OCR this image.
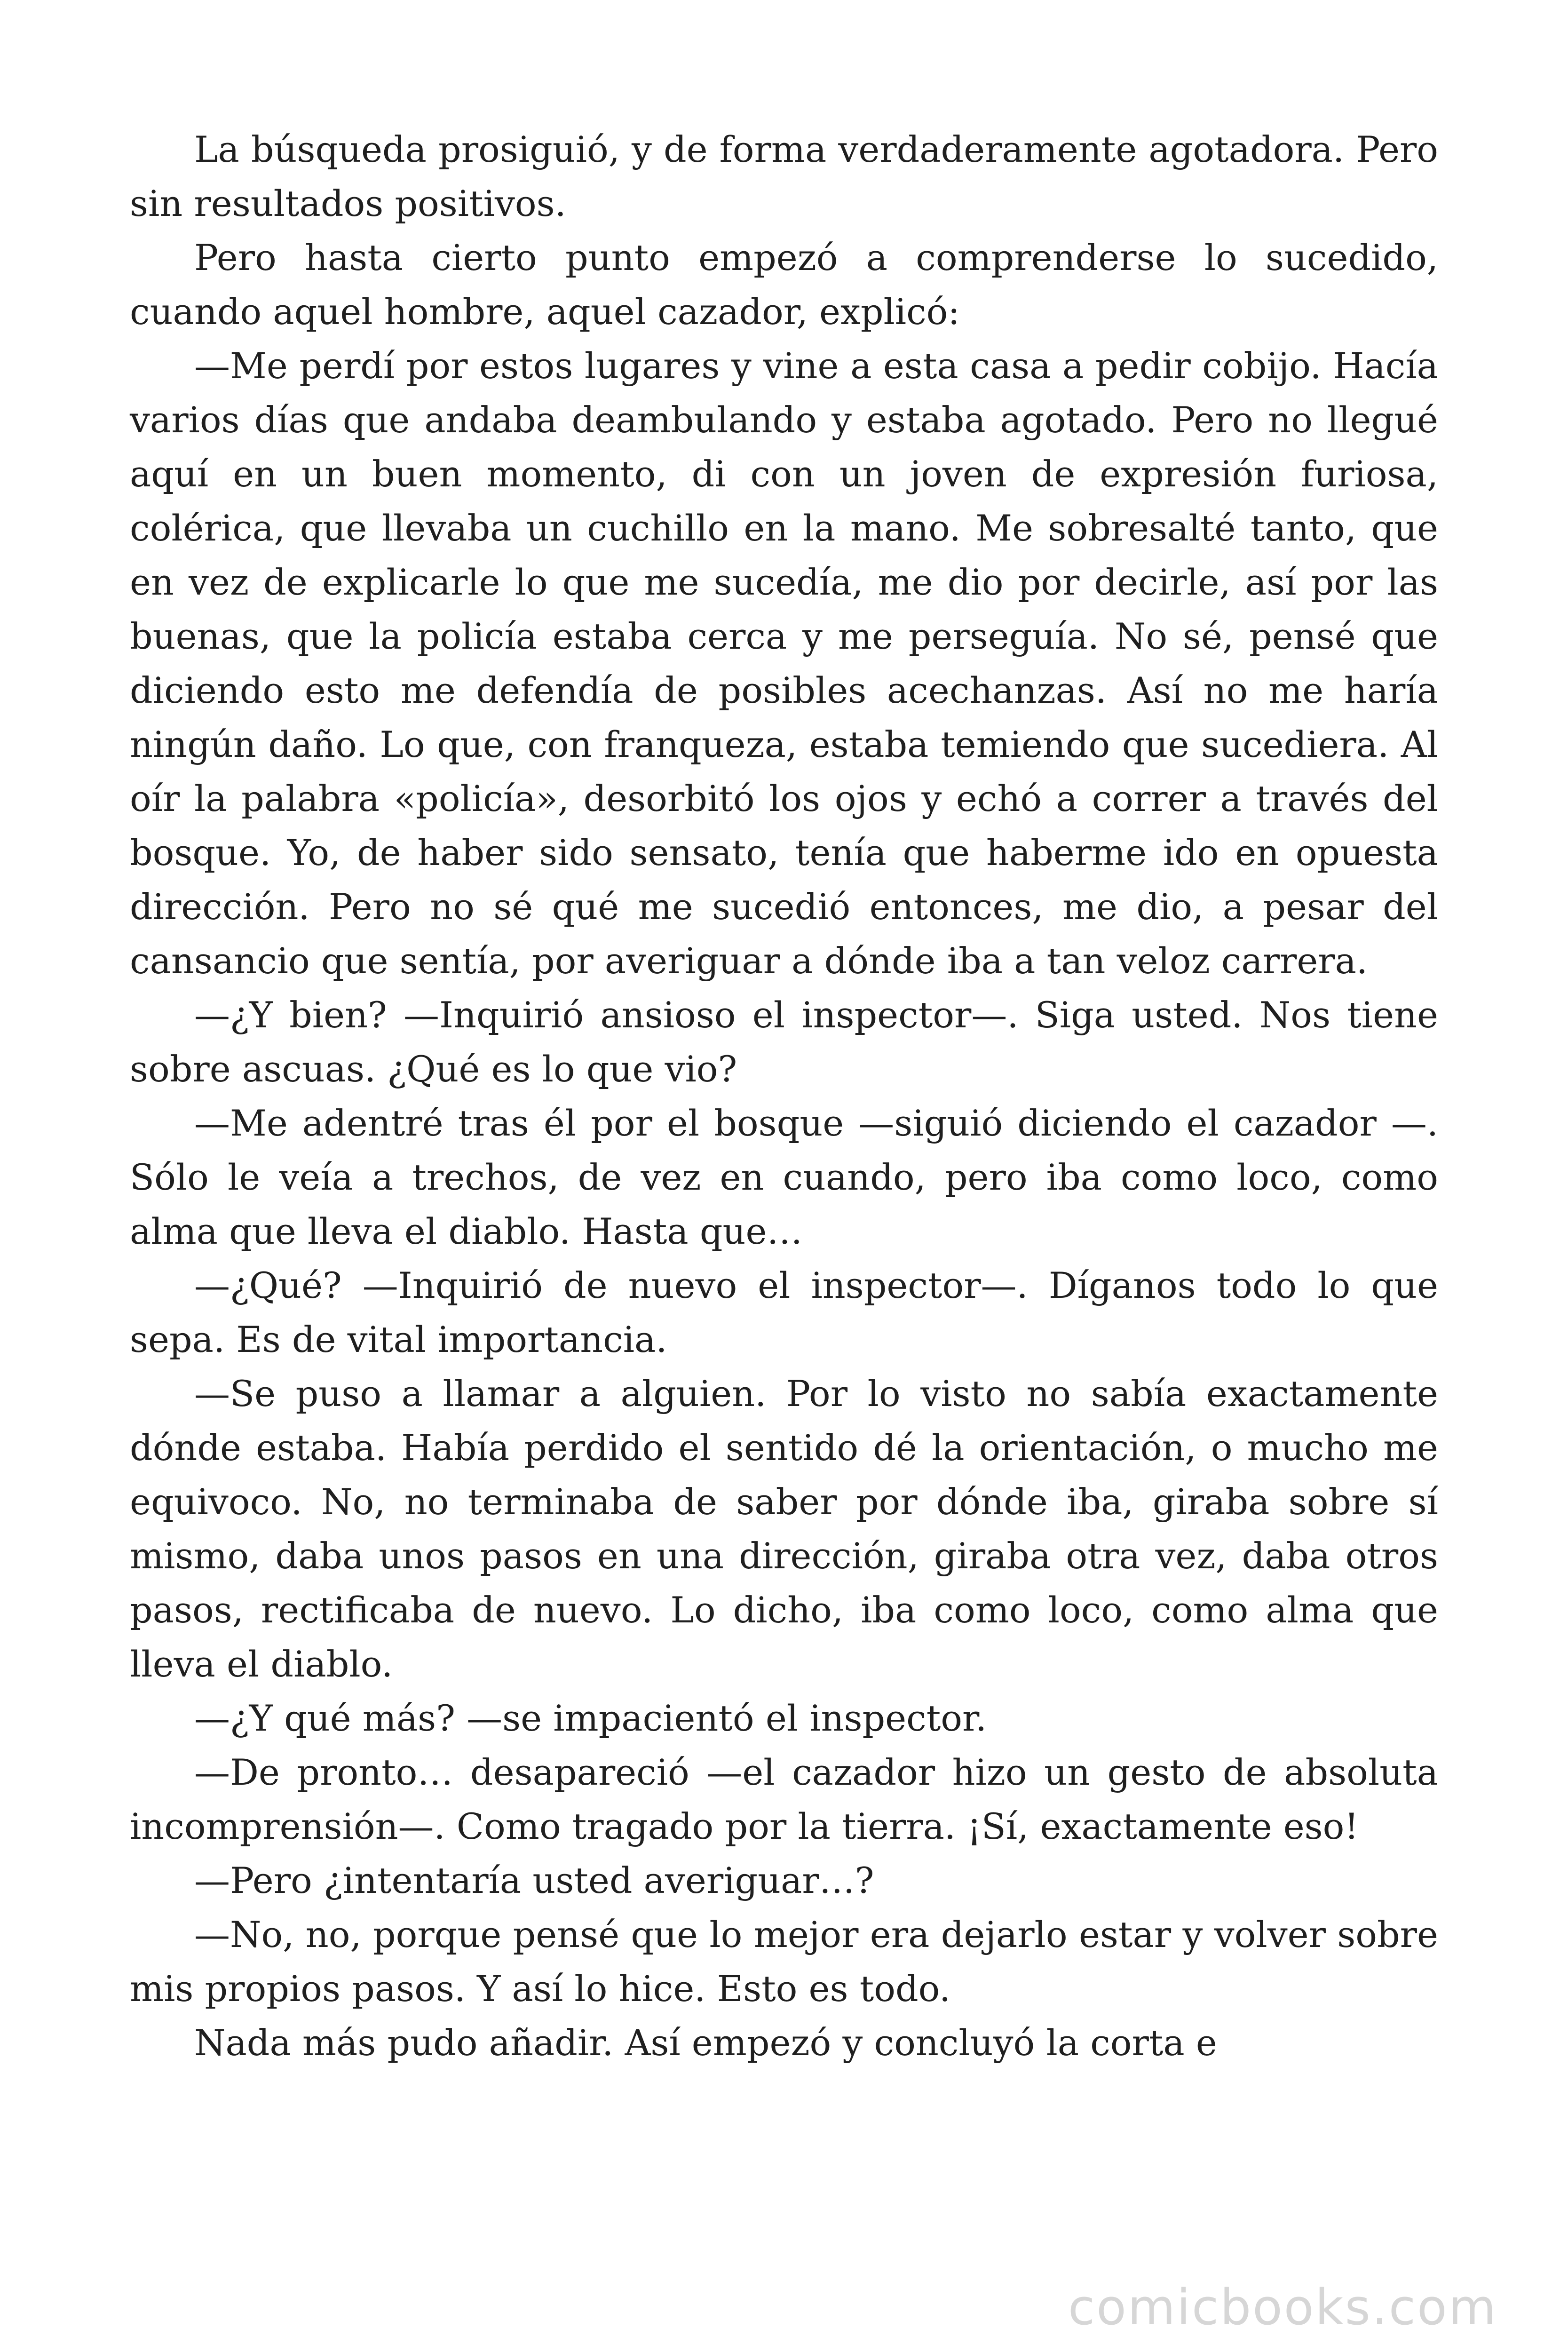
La búsqueda prosiguió, y de forma verdaderamente agotadora. Pero sin resultados positivos.

Pero hasta cierto punto empezó a comprenderse lo sucedido, cuando aquel hombre, aquel cazador, explicó:

—Me perdí por estos lugares y vine a esta casa a pedir cobijo. Hacía varios días que andaba deambulando y estaba agotado. Pero no llegué aquí en un buen momento, di con un joven de expresión furiosa, colérica, que llevaba un cuchillo en la mano. Me sobresalté tanto, que en vez de explicarle lo que me sucedía, me dio por decirle, así por las buenas, que la policía estaba cerca y me perseguía. No sé, pensé que diciendo esto me defendía de posibles acechanzas. Así no me haría ningún daño. Lo que, con franqueza, estaba temiendo que sucediera. Al oír la palabra «policía», desorbitó los ojos y echó a correr a través del bosque. Yo, de haber sido sensato, tenía que haberme ido en opuesta dirección. Pero no sé qué me sucedió entonces, me dio, a pesar del cansancio que sentía, por averiguar a dónde iba a tan veloz carrera.

—¿Y bien? —Inquirió ansioso el inspector—. Siga usted. Nos tiene sobre ascuas. ¿Qué es lo que vio?

—Me adentré tras él por el bosque —siguió diciendo el cazador —. Sólo le veía a trechos, de vez en cuando, pero iba como loco, como alma que lleva el diablo. Hasta que…

—¿Qué? —Inquirió de nuevo el inspector—. Díganos todo lo que sepa. Es de vital importancia.

—Se puso a llamar a alguien. Por lo visto no sabía exactamente dónde estaba. Había perdido el sentido dé la orientación, o mucho me equivoco. No, no terminaba de saber por dónde iba, giraba sobre sí mismo, daba unos pasos en una dirección, giraba otra vez, daba otros pasos, rectificaba de nuevo. Lo dicho, iba como loco, como alma que lleva el diablo.

—¿Y qué más? —se impacientó el inspector.

—De pronto… desapareció —el cazador hizo un gesto de absoluta incomprensión—. Como tragado por la tierra. ¡Sí, exactamente eso!

—Pero ¿intentaría usted averiguar…?

—No, no, porque pensé que lo mejor era dejarlo estar y volver sobre mis propios pasos. Y así lo hice. Esto es todo.

Nada más pudo añadir. Así empezó y concluyó la corta e

comicbooks.com
